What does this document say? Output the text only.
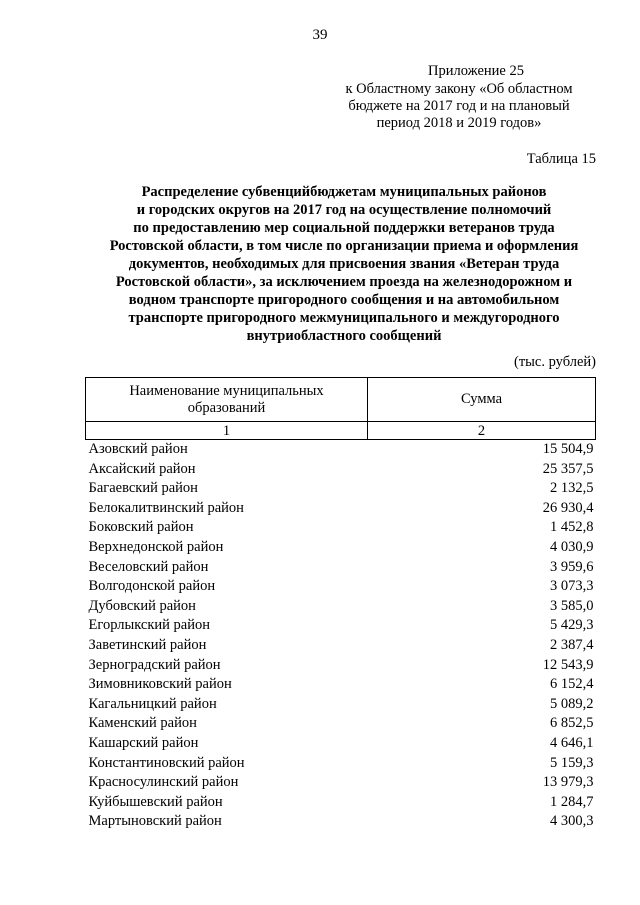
39
Приложение 25
к Областному закону «Об областном
бюджете на 2017 год и на плановый
период 2018 и 2019 годов»
Таблица 15
Распределение субвенцийбюджетам муниципальных районов
и городских округов на 2017 год на осуществление полномочий
по предоставлению мер социальной поддержки ветеранов труда
Ростовской области, в том числе по организации приема и оформления
документов, необходимых для присвоения звания «Ветеран труда
Ростовской области», за исключением проезда на железнодорожном и
водном транспорте пригородного сообщения и на автомобильном
транспорте пригородного межмуниципального и междугородного
внутриобластного сообщений
(тыс. рублей)
Наименование муниципальных
образований	Сумма
1	2
Азовский район	15 504,9
Аксайский район	25 357,5
Багаевский район	2 132,5
Белокалитвинский район	26 930,4
Боковский район	1 452,8
Верхнедонской район	4 030,9
Веселовский район	3 959,6
Волгодонской район	3 073,3
Дубовский район	3 585,0
Егорлыкский район	5 429,3
Заветинский район	2 387,4
Зерноградский район	12 543,9
Зимовниковский район	6 152,4
Кагальницкий район	5 089,2
Каменский район	6 852,5
Кашарский район	4 646,1
Константиновский район	5 159,3
Красносулинский район	13 979,3
Куйбышевский район	1 284,7
Мартыновский район	4 300,3
